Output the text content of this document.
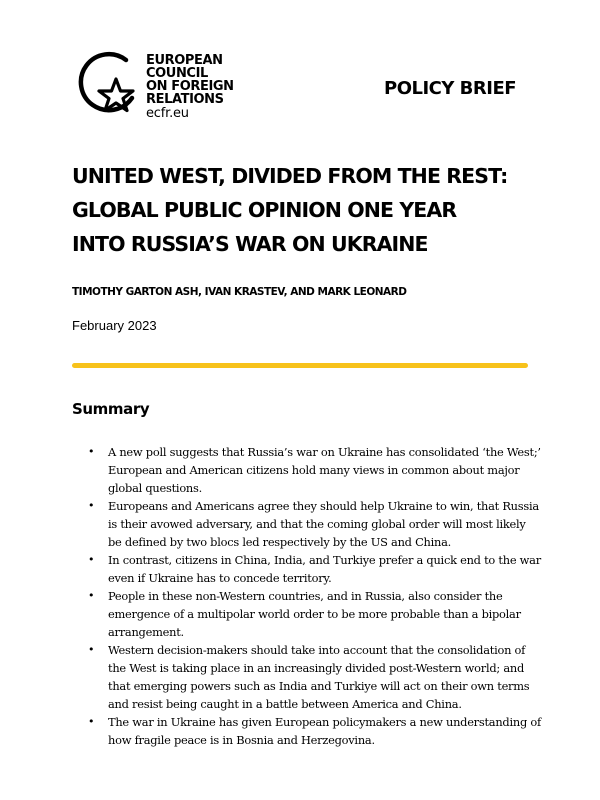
EUROPEAN
COUNCIL
ON FOREIGN
RELATIONS
ecfr.eu
POLICY BRIEF
UNITED WEST, DIVIDED FROM THE REST:
GLOBAL PUBLIC OPINION ONE YEAR
INTO RUSSIA’S WAR ON UKRAINE
TIMOTHY GARTON ASH, IVAN KRASTEV, AND MARK LEONARD
February 2023
Summary
• A new poll suggests that Russia’s war on Ukraine has consolidated ‘the West;’
European and American citizens hold many views in common about major
global questions.
• Europeans and Americans agree they should help Ukraine to win, that Russia
is their avowed adversary, and that the coming global order will most likely
be defined by two blocs led respectively by the US and China.
• In contrast, citizens in China, India, and Turkiye prefer a quick end to the war
even if Ukraine has to concede territory.
• People in these non-Western countries, and in Russia, also consider the
emergence of a multipolar world order to be more probable than a bipolar
arrangement.
• Western decision-makers should take into account that the consolidation of
the West is taking place in an increasingly divided post-Western world; and
that emerging powers such as India and Turkiye will act on their own terms
and resist being caught in a battle between America and China.
• The war in Ukraine has given European policymakers a new understanding of
how fragile peace is in Bosnia and Herzegovina.
